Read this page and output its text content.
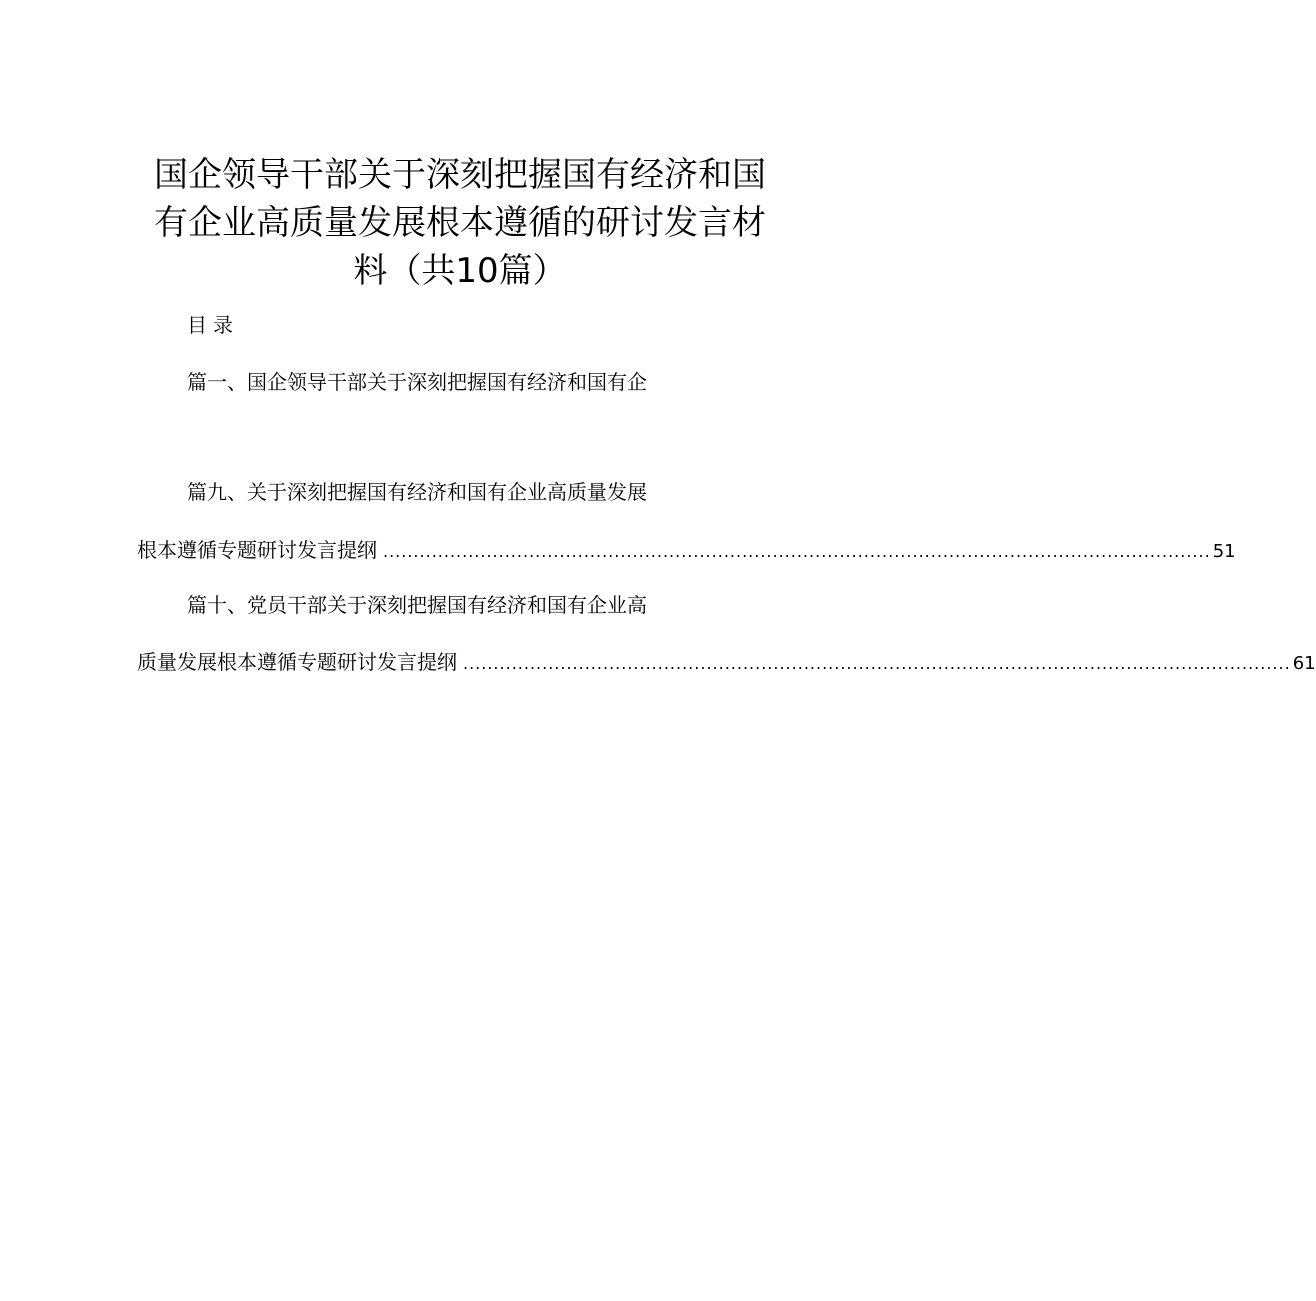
国企领导干部关于深刻把握国有经济和国
有企业高质量发展根本遵循的研讨发言材
料（共10篇）
目录
篇一、国企领导干部关于深刻把握国有经济和国有企
篇九、关于深刻把握国有经济和国有企业高质量发展
根本遵循专题研讨发言提纲 ........................................................................................................................................ 51
篇十、党员干部关于深刻把握国有经济和国有企业高
质量发展根本遵循专题研讨发言提纲 ........................................................................................................................................ 61
